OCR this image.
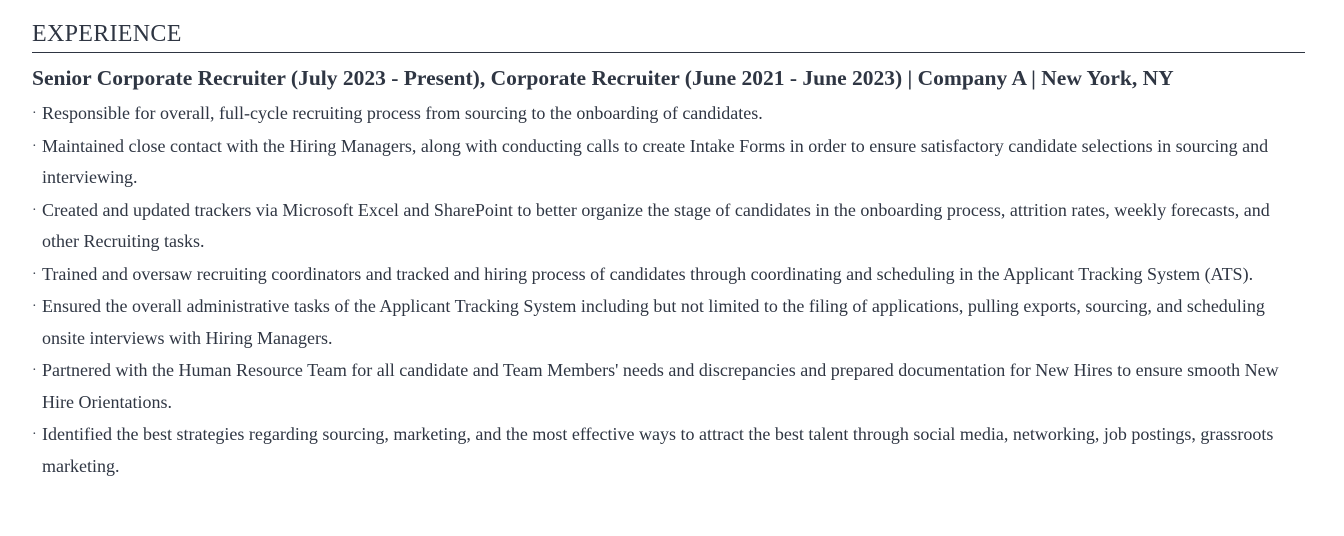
EXPERIENCE
Senior Corporate Recruiter (July 2023 - Present), Corporate Recruiter (June 2021 - June 2023) | Company A | New York, NY
· Responsible for overall, full-cycle recruiting process from sourcing to the onboarding of candidates.
· Maintained close contact with the Hiring Managers, along with conducting calls to create Intake Forms in order to ensure satisfactory candidate selections in sourcing and interviewing.
· Created and updated trackers via Microsoft Excel and SharePoint to better organize the stage of candidates in the onboarding process, attrition rates, weekly forecasts, and other Recruiting tasks.
· Trained and oversaw recruiting coordinators and tracked and hiring process of candidates through coordinating and scheduling in the Applicant Tracking System (ATS).
· Ensured the overall administrative tasks of the Applicant Tracking System including but not limited to the filing of applications, pulling exports, sourcing, and scheduling onsite interviews with Hiring Managers.
· Partnered with the Human Resource Team for all candidate and Team Members' needs and discrepancies and prepared documentation for New Hires to ensure smooth New Hire Orientations.
· Identified the best strategies regarding sourcing, marketing, and the most effective ways to attract the best talent through social media, networking, job postings, grassroots marketing.
